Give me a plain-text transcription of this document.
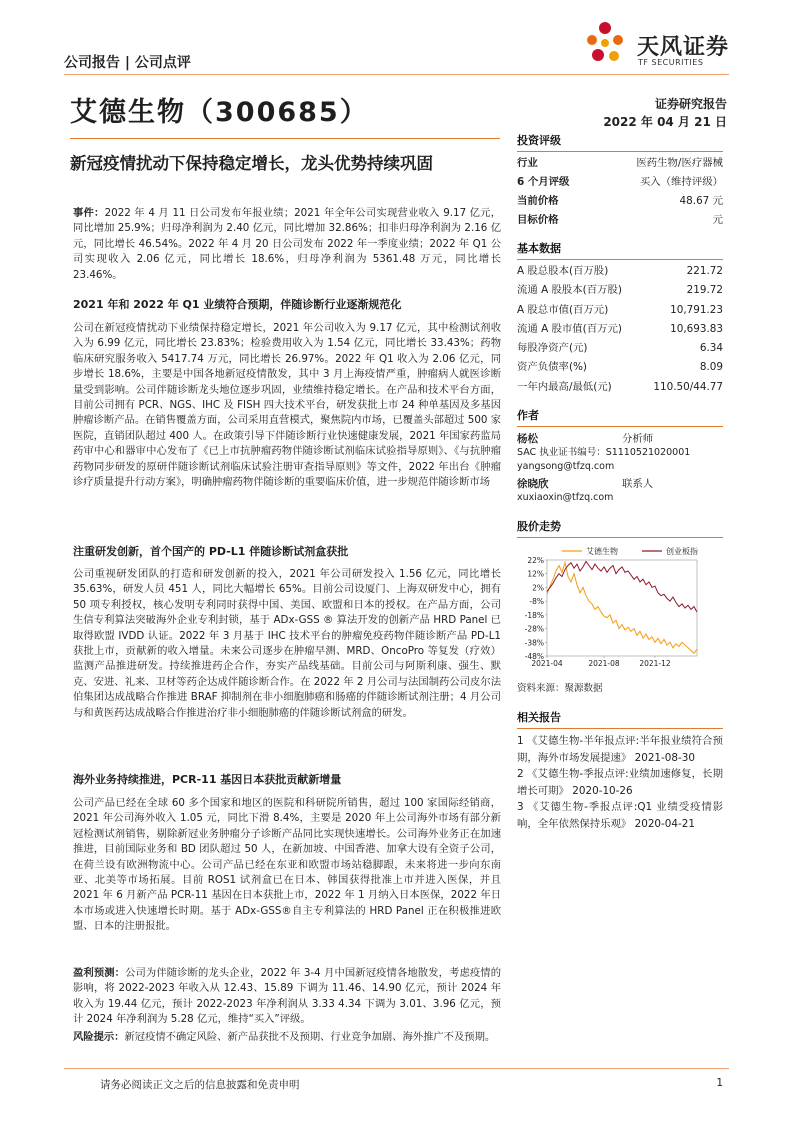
公司报告 | 公司点评
天风证券
TF SECURITIES
艾德生物（300685）	证券研究报告
2022 年 04 月 21 日
新冠疫情扰动下保持稳定增长，龙头优势持续巩固

事件：2022 年 4 月 11 日公司发布年报业绩；2021 年全年公司实现营业收入 9.17 亿元，同比增加 25.9%；归母净利润为 2.40 亿元，同比增加 32.86%；扣非归母净利润为 2.16 亿元，同比增长 46.54%。2022 年 4 月 20 日公司发布 2022 年一季度业绩；2022 年 Q1 公司实现收入 2.06 亿元，同比增长 18.6%，归母净利润为 5361.48 万元，同比增长 23.46%。

2021 年和 2022 年 Q1 业绩符合预期，伴随诊断行业逐渐规范化

公司在新冠疫情扰动下业绩保持稳定增长，2021 年公司收入为 9.17 亿元，其中检测试剂收入为 6.99 亿元，同比增长 23.83%；检验费用收入为 1.54 亿元，同比增长 33.43%；药物临床研究服务收入 5417.74 万元，同比增长 26.97%。2022 年 Q1 收入为 2.06 亿元，同步增长 18.6%，主要是中国各地新冠疫情散发，其中 3 月上海疫情严重，肿瘤病人就医诊断量受到影响。公司伴随诊断龙头地位逐步巩固，业绩维持稳定增长。在产品和技术平台方面，目前公司拥有 PCR、NGS、IHC 及 FISH 四大技术平台，研发获批上市 24 种单基因及多基因肿瘤诊断产品。在销售覆盖方面，公司采用直营模式，聚焦院内市场，已覆盖头部超过 500 家医院，直销团队超过 400 人。在政策引导下伴随诊断行业快速健康发展，2021 年国家药监局药审中心和器审中心发布了《已上市抗肿瘤药物伴随诊断试剂临床试验指导原则》、《与抗肿瘤药物同步研发的原研伴随诊断试剂临床试验注册审查指导原则》等文件，2022 年出台《肿瘤诊疗质量提升行动方案》，明确肿瘤药物伴随诊断的重要临床价值，进一步规范伴随诊断市场

注重研发创新，首个国产的 PD-L1 伴随诊断试剂盒获批

公司重视研发团队的打造和研发创新的投入，2021 年公司研发投入 1.56 亿元，同比增长 35.63%，研发人员 451 人，同比大幅增长 65%。目前公司设厦门、上海双研发中心，拥有 50 项专利授权，核心发明专利同时获得中国、美国、欧盟和日本的授权。在产品方面，公司生信专利算法突破海外企业专利封锁，基于 ADx-GSS ® 算法开发的创新产品 HRD Panel 已取得欧盟 IVDD 认证。2022 年 3 月基于 IHC 技术平台的肿瘤免疫药物伴随诊断产品 PD-L1 获批上市，贡献新的收入增量。未来公司逐步在肿瘤早测、MRD、OncoPro 等复发（疗效）监测产品推进研发。持续推进药企合作，夯实产品线基础。目前公司与阿斯利康、强生、默克、安进、礼来、卫材等药企达成伴随诊断合作。在 2022 年 2 月公司与法国制药公司皮尔法伯集团达成战略合作推进 BRAF 抑制剂在非小细胞肺癌和肠癌的伴随诊断试剂注册；4 月公司与和黄医药达成战略合作推进治疗非小细胞肺癌的伴随诊断试剂盒的研发。

海外业务持续推进，PCR-11 基因日本获批贡献新增量

公司产品已经在全球 60 多个国家和地区的医院和科研院所销售，超过 100 家国际经销商，2021 年公司海外收入 1.05 元，同比下滑 8.4%，主要是 2020 年上公司海外市场有部分新冠检测试剂销售，剔除新冠业务肿瘤分子诊断产品同比实现快速增长。公司海外业务正在加速推进，目前国际业务和 BD 团队超过 50 人，在新加坡、中国香港、加拿大设有全资子公司，在荷兰设有欧洲物流中心。公司产品已经在东亚和欧盟市场站稳脚跟，未来将进一步向东南亚、北美等市场拓展。目前 ROS1 试剂盒已在日本、韩国获得批准上市并进入医保，并且 2021 年 6 月新产品 PCR-11 基因在日本获批上市，2022 年 1 月纳入日本医保，2022 年日本市场或进入快速增长时期。基于 ADx-GSS®自主专利算法的 HRD Panel 正在积极推进欧盟、日本的注册报批。

盈利预测：公司为伴随诊断的龙头企业，2022 年 3-4 月中国新冠疫情各地散发，考虑疫情的影响，将 2022-2023 年收入从 12.43、15.89 下调为 11.46、14.90 亿元，预计 2024 年收入为 19.44 亿元，预计 2022-2023 年净利润从 3.33 4.34 下调为 3.01、3.96 亿元，预计 2024 年净利润为 5.28 亿元，维持“买入”评级。

风险提示：新冠疫情不确定风险、新产品获批不及预期、行业竞争加剧、海外推广不及预期。

投资评级
行业	医药生物/医疗器械
6 个月评级	买入（维持评级）
当前价格	48.67 元
目标价格	元
基本数据
A 股总股本(百万股)	221.72
流通 A 股股本(百万股)	219.72
A 股总市值(百万元)	10,791.23
流通 A 股市值(百万元)	10,693.83
每股净资产(元)	6.34
资产负债率(%)	8.09
一年内最高/最低(元)	110.50/44.77
作者
杨松	分析师
SAC 执业证书编号：S1110521020001
yangsong@tfzq.com
徐晓欣	联系人
xuxiaoxin@tfzq.com
股价走势
22%
12%
2%
-8%
-18%
-28%
-38%
-48%
2021-04	2021-08	2021-12
艾德生物	创业板指
资料来源：聚源数据
相关报告

1 《艾德生物-半年报点评:半年报业绩符合预期，海外市场发展提速》 2021-08-30

2 《艾德生物-季报点评:业绩加速修复，长期增长可期》 2020-10-26

3 《艾德生物-季报点评:Q1 业绩受疫情影响，全年依然保持乐观》 2020-04-21

请务必阅读正文之后的信息披露和免责申明	1
